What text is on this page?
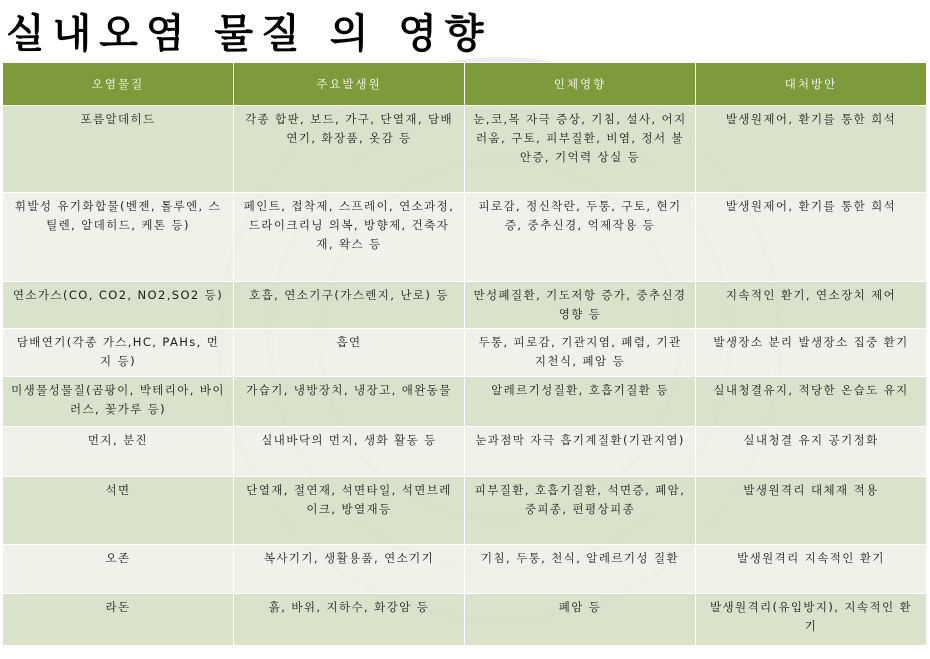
실내오염 물질 의 영향
오염물질	주요발생원	인체영향	대처방안
포름알데히드	각종 합판, 보드, 가구, 단열재, 담배연기, 화장품, 옷감 등	눈,코,목 자극 증상, 기침, 설사, 어지러움, 구토, 피부질환, 비염, 정서 불안증, 기억력 상실 등	발생원제어, 환기를 통한 희석
휘발성 유기화합물(벤젠, 톨루엔, 스틸렌, 알데히드, 케톤 등)	페인트, 접착제, 스프레이, 연소과정, 드라이크리닝 의복, 방향제, 건축자재, 왁스 등	피로감, 정신착란, 두통, 구토, 현기증, 중추신경, 억제작용 등	발생원제어, 환기를 통한 희석
연소가스(CO, CO2, NO2,SO2 등)	호흡, 연소기구(가스렌지, 난로) 등	만성폐질환, 기도저항 증가, 중추신경영향 등	지속적인 환기, 연소장치 제어
담배연기(각종 가스,HC, PAHs, 먼지 등)	흡연	두통, 피로감, 기관지염, 폐렴, 기관지천식, 폐암 등	발생장소 분리 발생장소 집중 환기
미생물성물질(곰팡이, 박테리아, 바이러스, 꽃가루 등)	가습기, 냉방장치, 냉장고, 애완동물	알레르기성질환, 호흡기질환 등	실내청결유지, 적당한 온습도 유지
먼지, 분진	실내바닥의 먼지, 생화 활동 등	눈과점막 자극 흡기계질환(기관지염)	실내청결 유지 공기정화
석면	단열재, 절연재, 석면타일, 석면브레이크, 방열재등	피부질환, 호흡기질환, 석면증, 폐암, 중피종, 편평상피종	발생원격리 대체재 적용
오존	복사기기, 생활용품, 연소기기	기침, 두통, 천식, 알레르기성 질환	발생원격리 지속적인 환기
라돈	흙, 바위, 지하수, 화강암 등	폐암 등	발생원격리(유입방지), 지속적인 환기
